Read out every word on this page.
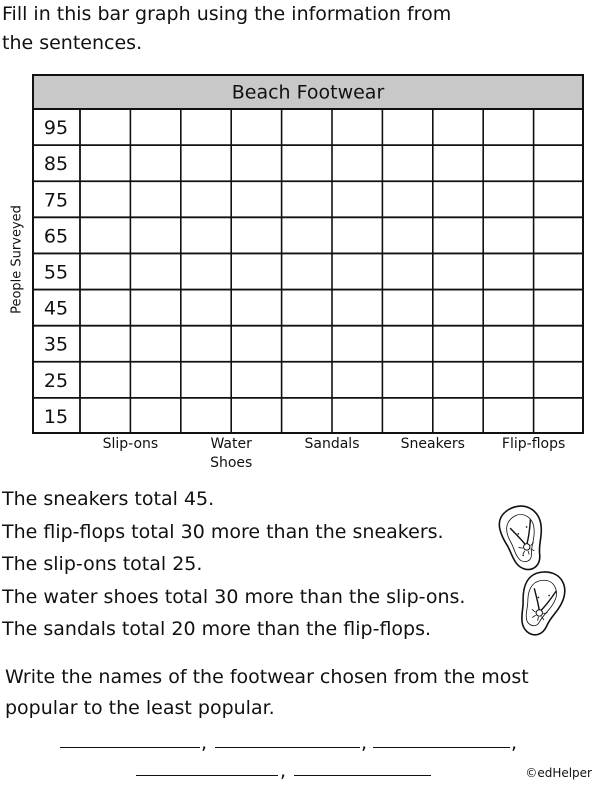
Fill in this bar graph using the information from
the sentences.
People Surveyed
Beach Footwear
95
85
75
65
55
45
35
25
15
Slip-ons	Water
Shoes
Sandals	Sneakers	Flip-flops
The sneakers total 45.
The flip-flops total 30 more than the sneakers.
The slip-ons total 25.
The water shoes total 30 more than the slip-ons.
The sandals total 20 more than the flip-flops.
Write the names of the footwear chosen from the most
popular to the least popular.
,	,	,
,	©edHelper
